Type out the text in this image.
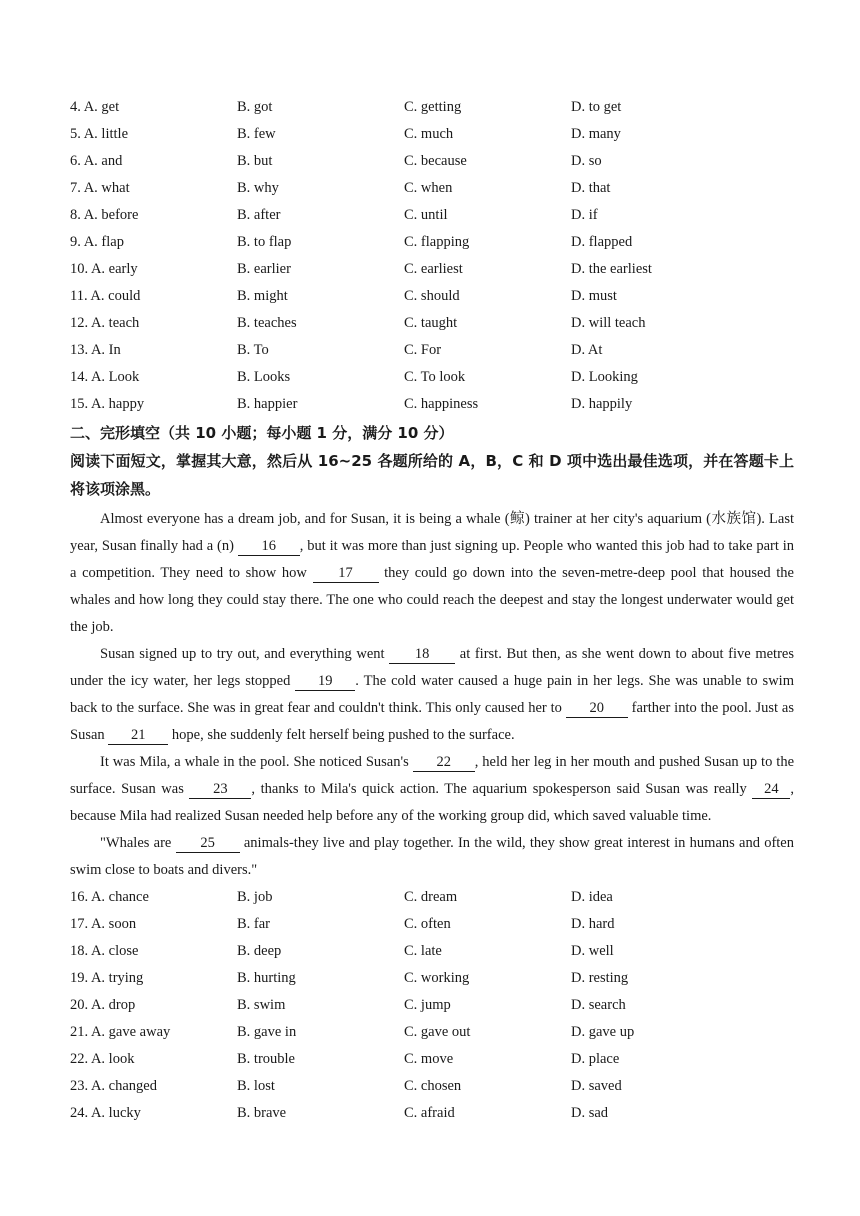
4. A. get	B. got	C. getting	D. to get
5. A. little	B. few	C. much	D. many
6. A. and	B. but	C. because	D. so
7. A. what	B. why	C. when	D. that
8. A. before	B. after	C. until	D. if
9. A. flap	B. to flap	C. flapping	D. flapped
10. A. early	B. earlier	C. earliest	D. the earliest
11. A. could	B. might	C. should	D. must
12. A. teach	B. teaches	C. taught	D. will teach
13. A. In	B. To	C. For	D. At
14. A. Look	B. Looks	C. To look	D. Looking
15. A. happy	B. happier	C. happiness	D. happily
二、完形填空（共 10 小题；每小题 1 分，满分 10 分）
阅读下面短文，掌握其大意，然后从 16~25 各题所给的 A，B，C 和 D 项中选出最佳选项，并在答题卡上将该项涂黑。

Almost everyone has a dream job, and for Susan, it is being a whale (鲸) trainer at her city's aquarium (水族馆). Last year, Susan finally had a (n) 16 , but it was more than just signing up. People who wanted this job had to take part in a competition. They need to show how 17 they could go down into the seven-metre-deep pool that housed the whales and how long they could stay there. The one who could reach the deepest and stay the longest underwater would get the job.

Susan signed up to try out, and everything went 18 at first. But then, as she went down to about five metres under the icy water, her legs stopped 19 . The cold water caused a huge pain in her legs. She was unable to swim back to the surface. She was in great fear and couldn't think. This only caused her to 20 farther into the pool. Just as Susan 21 hope, she suddenly felt herself being pushed to the surface.

It was Mila, a whale in the pool. She noticed Susan's 22 , held her leg in her mouth and pushed Susan up to the surface. Susan was 23 , thanks to Mila's quick action. The aquarium spokesperson said Susan was really 24 , because Mila had realized Susan needed help before any of the working group did, which saved valuable time.

"Whales are 25 animals-they live and play together. In the wild, they show great interest in humans and often swim close to boats and divers."

16. A. chance	B. job	C. dream	D. idea
17. A. soon	B. far	C. often	D. hard
18. A. close	B. deep	C. late	D. well
19. A. trying	B. hurting	C. working	D. resting
20. A. drop	B. swim	C. jump	D. search
21. A. gave away	B. gave in	C. gave out	D. gave up
22. A. look	B. trouble	C. move	D. place
23. A. changed	B. lost	C. chosen	D. saved
24. A. lucky	B. brave	C. afraid	D. sad
